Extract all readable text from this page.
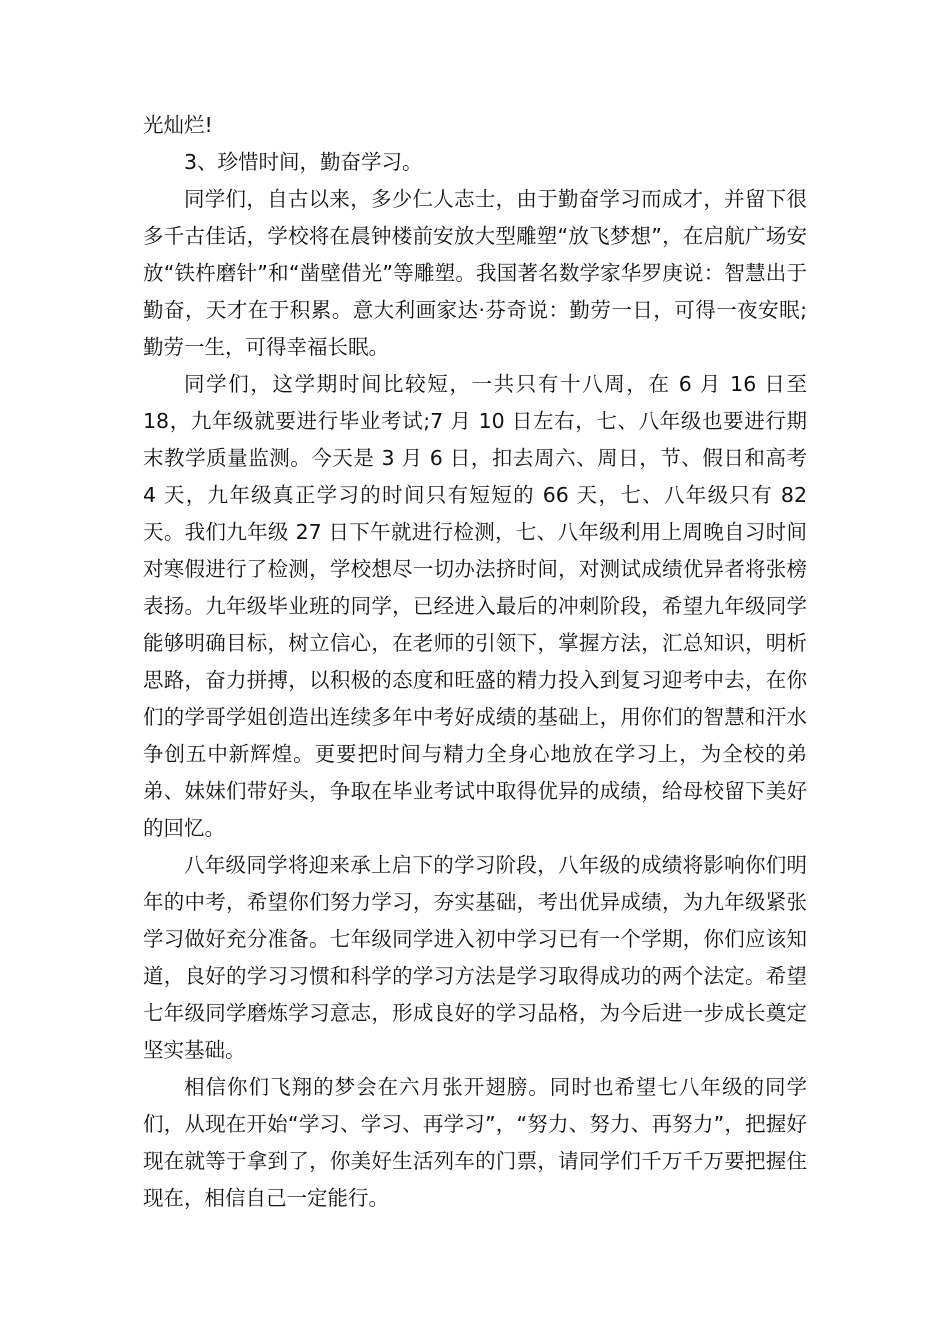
光灿烂!

3、珍惜时间，勤奋学习。

同学们，自古以来，多少仁人志士，由于勤奋学习而成才，并留下很多千古佳话，学校将在晨钟楼前安放大型雕塑“放飞梦想”，在启航广场安放“铁杵磨针”和“凿壁借光”等雕塑。我国著名数学家华罗庚说：智慧出于勤奋，天才在于积累。意大利画家达·芬奇说：勤劳一日，可得一夜安眠;勤劳一生，可得幸福长眠。

同学们，这学期时间比较短，一共只有十八周，在 6 月 16 日至18，九年级就要进行毕业考试;7 月 10 日左右，七、八年级也要进行期末教学质量监测。今天是 3 月 6 日，扣去周六、周日，节、假日和高考 4 天，九年级真正学习的时间只有短短的 66 天，七、八年级只有 82天。我们九年级 27 日下午就进行检测，七、八年级利用上周晚自习时间对寒假进行了检测，学校想尽一切办法挤时间，对测试成绩优异者将张榜表扬。九年级毕业班的同学，已经进入最后的冲刺阶段，希望九年级同学能够明确目标，树立信心，在老师的引领下，掌握方法，汇总知识，明析思路，奋力拼搏，以积极的态度和旺盛的精力投入到复习迎考中去，在你们的学哥学姐创造出连续多年中考好成绩的基础上，用你们的智慧和汗水争创五中新辉煌。更要把时间与精力全身心地放在学习上，为全校的弟弟、妹妹们带好头，争取在毕业考试中取得优异的成绩，给母校留下美好的回忆。

八年级同学将迎来承上启下的学习阶段，八年级的成绩将影响你们明年的中考，希望你们努力学习，夯实基础，考出优异成绩，为九年级紧张学习做好充分准备。七年级同学进入初中学习已有一个学期，你们应该知道，良好的学习习惯和科学的学习方法是学习取得成功的两个法定。希望七年级同学磨炼学习意志，形成良好的学习品格，为今后进一步成长奠定坚实基础。

相信你们飞翔的梦会在六月张开翅膀。同时也希望七八年级的同学们，从现在开始“学习、学习、再学习”，“努力、努力、再努力”，把握好现在就等于拿到了，你美好生活列车的门票，请同学们千万千万要把握住现在，相信自己一定能行。
